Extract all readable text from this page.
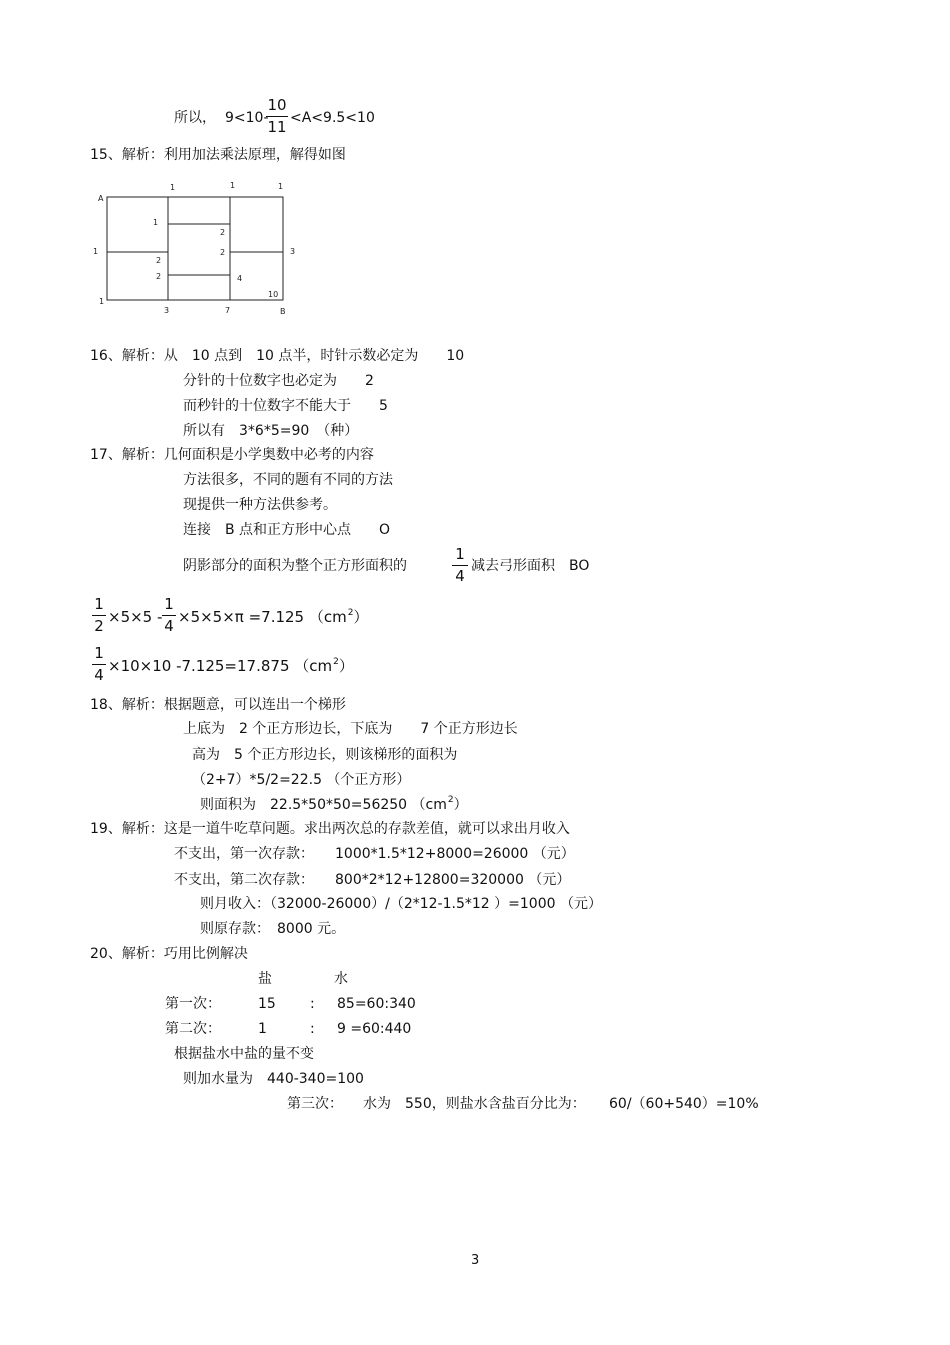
所以， 9<10-
10
11 <A<9.5<10
15、解析：利用加法乘法原理，解得如图
1	1	1
A
1
1
1
2
2
2
2	4
3
10
3	7	B
16、解析：从　10 点到　10 点半，时针示数必定为　　10
分针的十位数字也必定为　　2
而秒针的十位数字不能大于　　5
所以有　3*6*5=90　（种）
17、解析：几何面积是小学奥数中必考的内容
方法很多，不同的题有不同的方法
现提供一种方法供参考。
连接　B 点和正方形中心点　　O
阴影部分的面积为整个正方形面积的
1
4
减去弓形面积　BO
1
2 ×5×5 -
1
4 ×5×5×π =7.125 $(cm^2)$
1
4 ×10×10 -7.125=17.875 $(cm^2)$
18、解析：根据题意，可以连出一个梯形
上底为　2 个正方形边长，下底为　　7 个正方形边长
高为　5 个正方形边长，则该梯形的面积为
（2+7）*5/2=22.5 （个正方形）
则面积为　22.5*50*50=56250 $(cm^2)$
19、解析：这是一道牛吃草问题。求出两次总的存款差值，就可以求出月收入
不支出，第一次存款：　　1000*1.5*12+8000=26000 （元）
不支出，第二次存款：　　800*2*12+12800=320000 （元）
则月收入：（32000-26000）/（2*12-1.5*12 ）=1000 （元）
则原存款：　8000 元。
20、解析：巧用比例解决
盐	水
第一次：	15 : 85=60:340
第二次：	1	: 9 =60:440
根据盐水中盐的量不变
则加水量为　440-340=100
第三次： 水为　550，则盐水含盐百分比为： 60/（60+540）=10%
3
